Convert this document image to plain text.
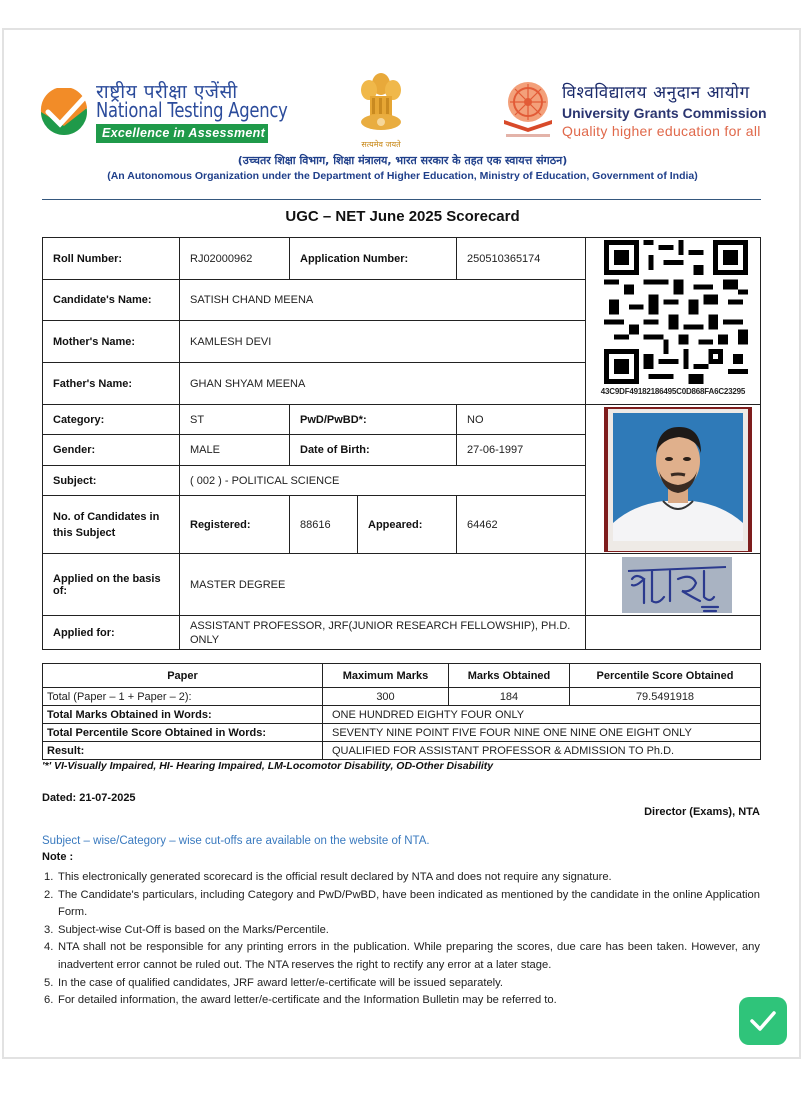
राष्ट्रीय परीक्षा एजेंसी
National Testing Agency
Excellence in Assessment
सत्यमेव जयते
विश्वविद्यालय अनुदान आयोग
University Grants Commission
Quality higher education for all
(उच्चतर शिक्षा विभाग, शिक्षा मंत्रालय, भारत सरकार के तहत एक स्वायत्त संगठन)
(An Autonomous Organization under the Department of Higher Education, Ministry of Education, Government of India)
UGC – NET June 2025 Scorecard
Roll Number:	RJ02000962	Application Number:		250510365174	43C9DF49182186495C0D868FA6C23295

Candidate's Name:	SATISH CHAND MEENA				
Mother's Name:	KAMLESH DEVI				
Father's Name:	GHAN SHYAM MEENA				
Category:	ST	PwD/PwBD*:		NO	

Gender:	MALE	Date of Birth:		27-06-1997	
Subject:	( 002 ) - POLITICAL SCIENCE				
No. of Candidates in this Subject	Registered:	88616	Appeared:	64462	
Applied on the basis of:	MASTER DEGREE	

Applied for:	ASSISTANT PROFESSOR, JRF(JUNIOR RESEARCH FELLOWSHIP), PH.D. ONLY				
Paper	Maximum Marks	Marks Obtained	Percentile Score Obtained
Total (Paper – 1 + Paper – 2):	300	184	79.5491918
Total Marks Obtained in Words:	ONE HUNDRED EIGHTY FOUR ONLY		
Total Percentile Score Obtained in Words:	SEVENTY NINE POINT FIVE FOUR NINE ONE NINE ONE EIGHT ONLY		
Result:	QUALIFIED FOR ASSISTANT PROFESSOR & ADMISSION TO Ph.D.		
'*' VI-Visually Impaired, HI- Hearing Impaired, LM-Locomotor Disability, OD-Other Disability
Dated: 21-07-2025
Director (Exams), NTA
Subject – wise/Category – wise cut-offs are available on the website of NTA.
Note :
1. This electronically generated scorecard is the official result declared by NTA and does not require any signature.
2. The Candidate's particulars, including Category and PwD/PwBD, have been indicated as mentioned by the candidate in the online Application Form.
3. Subject-wise Cut-Off is based on the Marks/Percentile.
4. NTA shall not be responsible for any printing errors in the publication. While preparing the scores, due care has been taken. However, any inadvertent error cannot be ruled out. The NTA reserves the right to rectify any error at a later stage.
5. In the case of qualified candidates, JRF award letter/e-certificate will be issued separately.
6. For detailed information, the award letter/e-certificate and the Information Bulletin may be referred to.
